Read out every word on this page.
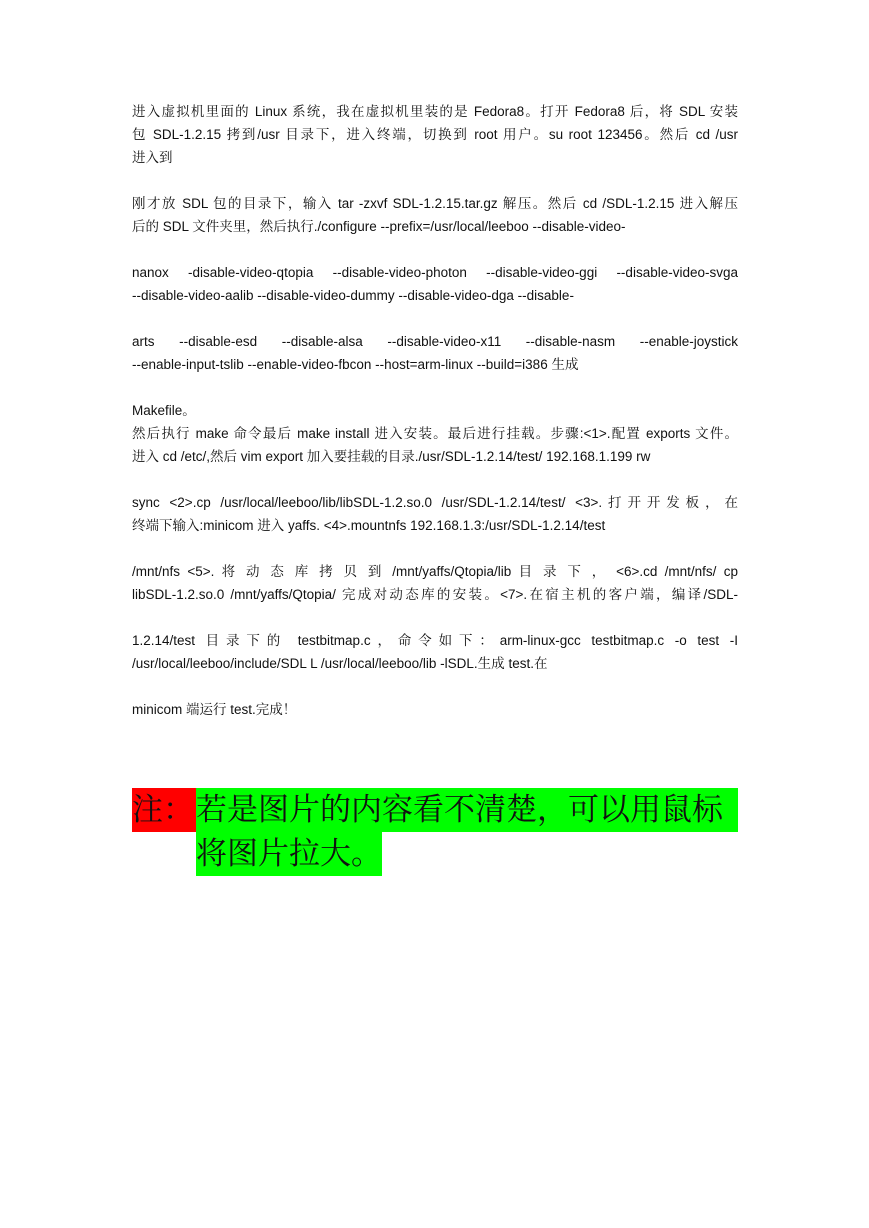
进入虚拟机里面的 Linux 系统，我在虚拟机里装的是 Fedora8。打开 Fedora8 后，将 SDL 安装
包 SDL-1.2.15 拷到/usr 目录下，进入终端，切换到 root 用户。su root 123456。然后 cd /usr
进入到
刚才放 SDL 包的目录下，输入 tar -zxvf SDL-1.2.15.tar.gz 解压。然后 cd /SDL-1.2.15 进入解压
后的 SDL 文件夹里，然后执行./configure --prefix=/usr/local/leeboo --disable-video-
nanox -disable-video-qtopia --disable-video-photon --disable-video-ggi --disable-video-svga
--disable-video-aalib --disable-video-dummy --disable-video-dga --disable-
arts --disable-esd --disable-alsa --disable-video-x11 --disable-nasm --enable-joystick
--enable-input-tslib --enable-video-fbcon --host=arm-linux --build=i386 生成
Makefile。
然后执行 make 命令最后 make install 进入安装。最后进行挂载。步骤:<1>.配置 exports 文件。
进入 cd /etc/,然后 vim export 加入要挂载的目录./usr/SDL-1.2.14/test/ 192.168.1.199 rw
sync <2>.cp /usr/local/leeboo/lib/libSDL-1.2.so.0 /usr/SDL-1.2.14/test/ <3>.打开开发板，在
终端下输入:minicom 进入 yaffs. <4>.mountnfs 192.168.1.3:/usr/SDL-1.2.14/test
/mnt/nfs <5>. 将 动 态 库 拷 贝 到 /mnt/yaffs/Qtopia/lib 目 录 下 ， <6>.cd /mnt/nfs/ cp
libSDL-1.2.so.0 /mnt/yaffs/Qtopia/ 完成对动态库的安装。<7>.在宿主机的客户端，编译/SDL-
1.2.14/test 目录下的 testbitmap.c，命令如下：arm-linux-gcc testbitmap.c -o test -I
/usr/local/leeboo/include/SDL L /usr/local/leeboo/lib -lSDL.生成 test.在
minicom 端运行 test.完成！
注： 若是图片的内容看不清楚，可以用鼠标
将图片拉大。
